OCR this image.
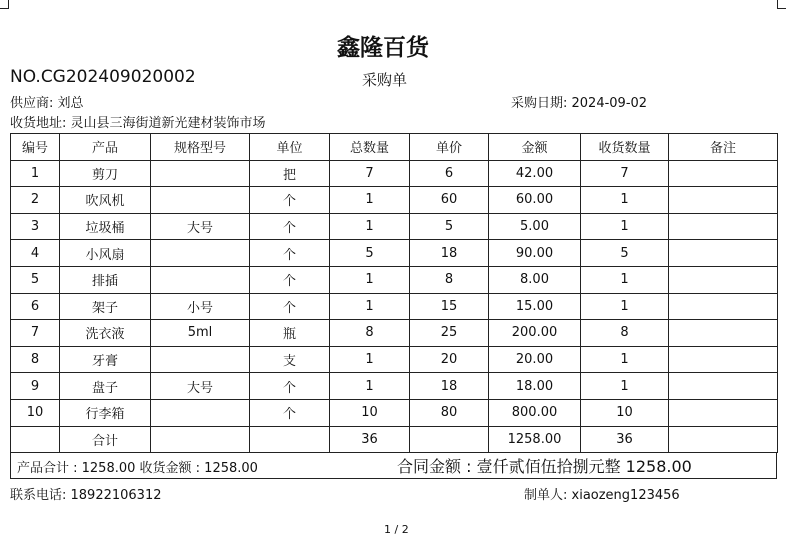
鑫隆百货
NO.CG202409020002	采购单
供应商: 刘总	采购日期: 2024-09-02
收货地址: 灵山县三海街道新光建材装饰市场
编号	产品	规格型号	单位	总数量	单价	金额	收货数量	备注
1	剪刀		把	7	6	42.00	7	
2	吹风机		个	1	60	60.00	1	
3	垃圾桶	大号	个	1	5	5.00	1	
4	小风扇		个	5	18	90.00	5	
5	排插		个	1	8	8.00	1	
6	架子	小号	个	1	15	15.00	1	
7	洗衣液	5ml	瓶	8	25	200.00	8	
8	牙膏		支	1	20	20.00	1	
9	盘子	大号	个	1	18	18.00	1	
10	行李箱		个	10	80	800.00	10	
	合计			36		1258.00	36	
产品合计 : 1258.00 收货金额 : 1258.00	合同金额 : 壹仟贰佰伍拾捌元整 1258.00
联系电话: 18922106312	制单人: xiaozeng123456
1 / 2
